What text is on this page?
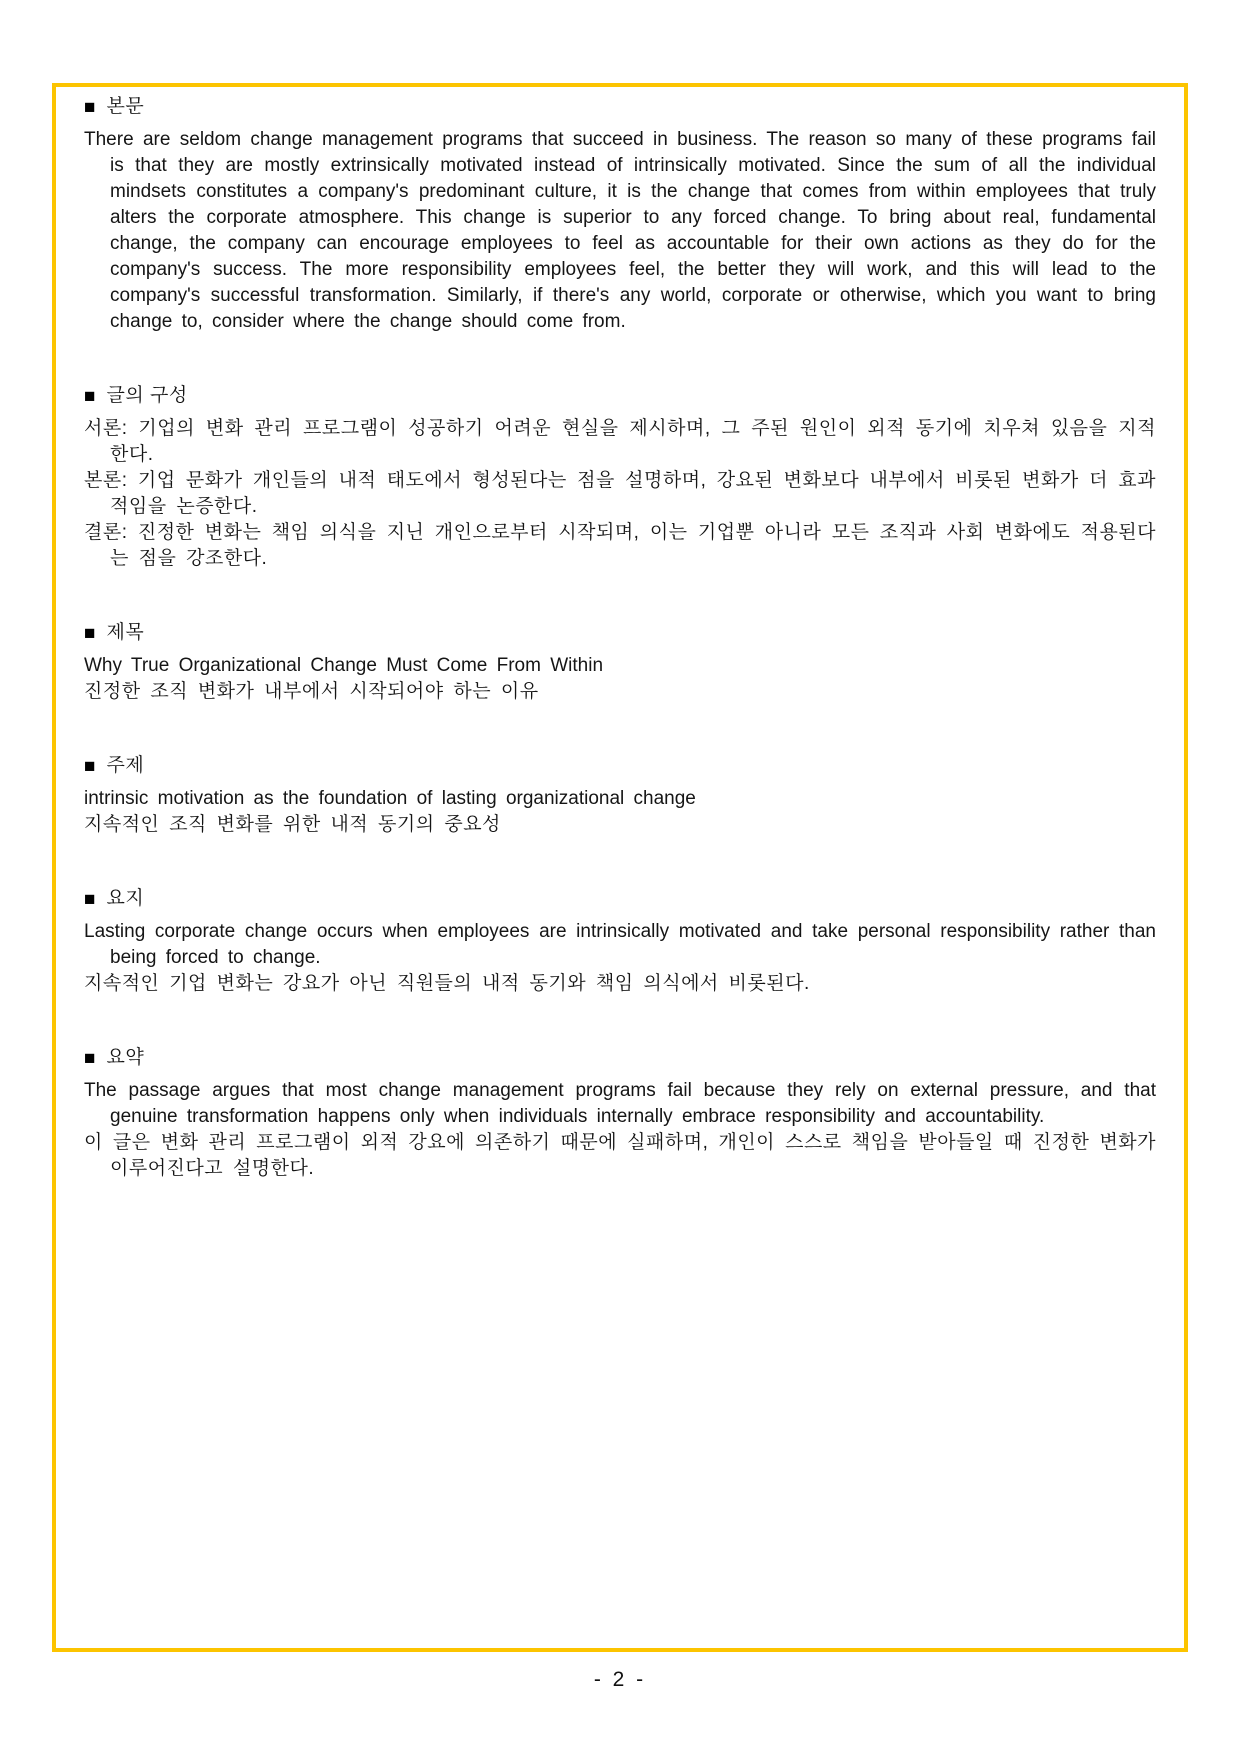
■ 본문

There are seldom change management programs that succeed in business. The reason so many of these programs fail is that they are mostly extrinsically motivated instead of intrinsically motivated. Since the sum of all the individual mindsets constitutes a company's predominant culture, it is the change that comes from within employees that truly alters the corporate atmosphere. This change is superior to any forced change. To bring about real, fundamental change, the company can encourage employees to feel as accountable for their own actions as they do for the company's success. The more responsibility employees feel, the better they will work, and this will lead to the company's successful transformation. Similarly, if there's any world, corporate or otherwise, which you want to bring change to, consider where the change should come from.

■ 글의 구성

서론: 기업의 변화 관리 프로그램이 성공하기 어려운 현실을 제시하며, 그 주된 원인이 외적 동기에 치우쳐 있음을 지적한다.

본론: 기업 문화가 개인들의 내적 태도에서 형성된다는 점을 설명하며, 강요된 변화보다 내부에서 비롯된 변화가 더 효과적임을 논증한다.

결론: 진정한 변화는 책임 의식을 지닌 개인으로부터 시작되며, 이는 기업뿐 아니라 모든 조직과 사회 변화에도 적용된다는 점을 강조한다.

■ 제목

Why True Organizational Change Must Come From Within

진정한 조직 변화가 내부에서 시작되어야 하는 이유

■ 주제

intrinsic motivation as the foundation of lasting organizational change

지속적인 조직 변화를 위한 내적 동기의 중요성

■ 요지

Lasting corporate change occurs when employees are intrinsically motivated and take personal responsibility rather than being forced to change.

지속적인 기업 변화는 강요가 아닌 직원들의 내적 동기와 책임 의식에서 비롯된다.

■ 요약

The passage argues that most change management programs fail because they rely on external pressure, and that genuine transformation happens only when individuals internally embrace responsibility and accountability.

이 글은 변화 관리 프로그램이 외적 강요에 의존하기 때문에 실패하며, 개인이 스스로 책임을 받아들일 때 진정한 변화가 이루어진다고 설명한다.

- 2 -
